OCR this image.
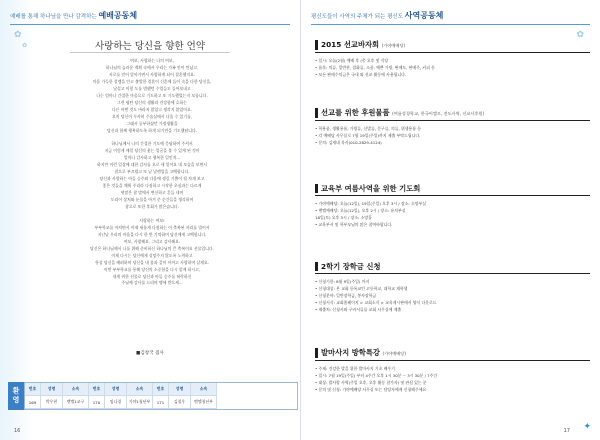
예배를 통해 하나님을 만나 감격하는 예배공동체
✿
✿	사랑하는 당신을 향한 언약
여보, 사랑하는 나의 여보,
하나님의 놀라운 계획 속에서 우리는 가족 안이 만났고,
서로를 믿어 알아가면서 사랑하게 되어 결혼했지요.
마음 가득한 설렘을 안고 출발한 결혼이 신혼에 들어 속을 다한 당신을,
낯설고 이렇 도를 범했던 수업들도 들어보내고
나는 엄마나 간절한 마음으로 기도하고 또 기도했었는지 모릅니다.
그런 평탄 당신의 생활과 건강함에 호하는
다른 어떤 것도 바라지 않았고 생각지 않았어요.
오직 당신이 무사히 수술실에서 나올 수 있기를,
그래서 공부하셨던 가정생활을
당신과 함께 행복하도록 하게 되기만을 기도했답니다.
하나님께서 나의 간절한 기도에 응답하여 주셔서
지금 이렇게 매일 당신의 웃는 얼굴을 볼 수 있게 된 것이
얼마나 감사하고 행복한 일인지...
하지만 이런 일상에 대한 감사를 오로 새 잊어요 내 모습을 보면서
참으로 부끄럽고 또 낱 날렌입을 고백합니다.
당신과 사랑하는 아들 승주와 다음에 생길 기쁨이 될 차게 보고
좋은 것들을 채워 주리라 다짐하고 시작한 초심과는 다르게
연말은 참 말에서 변신하고 흔들 내며
도리어 상처와 눈물을 아겨 준 순간들을 생각하며
참으로 또한 후회가 많은습니다.
사랑하는 여보!
부부학교를 마치면서 이제 새롭게 다짐하는 이 축복된 자리를 빌어서
지난날 우리의 마음을 다시 한 번 기억하며 당신에게 고백합니다.
여보, 사랑해요, 그리고 감사해요.
당신은 하나님께서 나를 위해 준비하신 하나님의 큰 축복이요 선물입니다.
이제 다시는 당신에게 실망주지 않도록 노력하고
항상 당신을 배려하며 당신을 내 몸과 같이 아끼고 사랑하며 살게요.
이번 부부학교를 통해 당신의 소중함을 다시 알게 하시고,
내게 귀한 선물로 당신과 아들 승주를 허락하신
주님께 감사를 드리며 맹세 받으세...
■김창국 집사
환
영
번호	성명	소속	번호	성명	소속	번호	성명	소속
169	박우현	벧엘1교구	170	임나경	가야1청년부	171	김철우	벧엘청년부
16
평신도들이 사역의 주체가 되는 평신도 사역공동체
✿
2015 선교바자회 (가야예배당)
• 일시: 오늘(2월) 예배 후 (총 오후 및 식당
• 품목: 의류, 밑반찬, 잡화류, 소품, 예쁜 가방, 판매도, 판매주, 커피 등
• 모든 판매수익금은 국내 외 선교 활동에 사용됩니다.
선교를 위한 후원물품 (여름성경학교, 한국어캠프, 전도사역, 선교사후원)
• 학용품, 생활용품, 가방류, 신발류, 문구류, 의류, 위생용품 등
• 각 예배당 사무실로 7월 19일(주일)까지 제출 부탁드립니다.
• 문의: 김재네 목사(010-2829-4124)
교육부 여름사역을 위한 기도회
• 가야예배당: 오늘(12일), 19일(주일) 오후 3시 / 장소: 소망부실
• 벧엘예배당: 오늘(12일), 오후 2시 / 장소: 유치부실
18일(토) 오후 3시 / 장소: 소망홀
• 교육부서 및 학부모님의 많은 참여바랍니다.
2학기 장학금 신청
• 신청기한: 8월 9일(주일) 까지
• 신청대상: 본 교회 등록교인 고등학교, 대학교 재학생
• 신청분야: 일반장학금, 봉사장학금
• 신청서식: 교회홈페이지 > 교회소식 > 교육게시판에서 양식 다운로드
• 제출처: 신청서와 구비서류를 교회 사무실에 제출
발마사지 방학특강 (가야예배당)
• 주제: 건강한 발을 위한 발마사지 기초 배우기
• 일시: 7월 19일(주일) 부터 4주간 오후 1시 30분 ~ 3시 30분 / 7주간
• 대상: 발사랑 사역(주일 오후, 오후 활동 참가자) 및 관심 있는 분
• 문의 및 신청: 가야예배당 사무실 또는 담당자에게 신청해주세요
17 ✦
